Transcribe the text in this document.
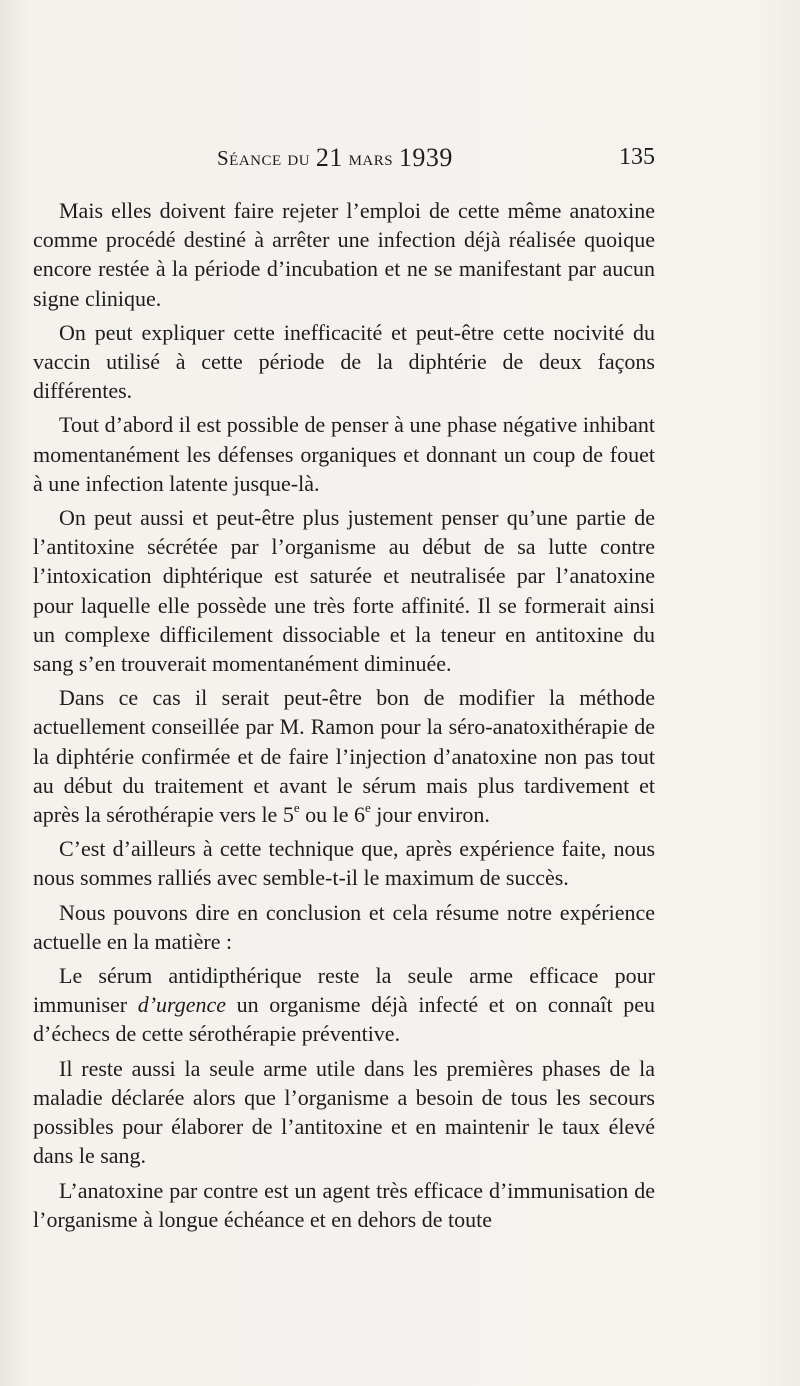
Séance du 21 mars 1939	135

Mais elles doivent faire rejeter l’emploi de cette même anatoxine comme procédé destiné à arrêter une infection déjà réalisée quoique encore restée à la période d’incubation et ne se manifestant par aucun signe clinique.

On peut expliquer cette inefficacité et peut-être cette nocivité du vaccin utilisé à cette période de la diphtérie de deux façons différentes.

Tout d’abord il est possible de penser à une phase négative inhibant momentanément les défenses organiques et donnant un coup de fouet à une infection latente jusque-là.

On peut aussi et peut-être plus justement penser qu’une partie de l’antitoxine sécrétée par l’organisme au début de sa lutte contre l’intoxication diphtérique est saturée et neutralisée par l’anatoxine pour laquelle elle possède une très forte affinité. Il se formerait ainsi un complexe difficilement dissociable et la teneur en antitoxine du sang s’en trouverait momentanément diminuée.

Dans ce cas il serait peut-être bon de modifier la méthode actuellement conseillée par M. Ramon pour la séro-anatoxithérapie de la diphtérie confirmée et de faire l’injection d’anatoxine non pas tout au début du traitement et avant le sérum mais plus tardivement et après la sérothérapie vers le 5e ou le 6e jour environ.

C’est d’ailleurs à cette technique que, après expérience faite, nous nous sommes ralliés avec semble-t-il le maximum de succès.

Nous pouvons dire en conclusion et cela résume notre expérience actuelle en la matière :

Le sérum antidipthérique reste la seule arme efficace pour immuniser d’urgence un organisme déjà infecté et on connaît peu d’échecs de cette sérothérapie préventive.

Il reste aussi la seule arme utile dans les premières phases de la maladie déclarée alors que l’organisme a besoin de tous les secours possibles pour élaborer de l’antitoxine et en maintenir le taux élevé dans le sang.

L’anatoxine par contre est un agent très efficace d’immunisation de l’organisme à longue échéance et en dehors de toute
